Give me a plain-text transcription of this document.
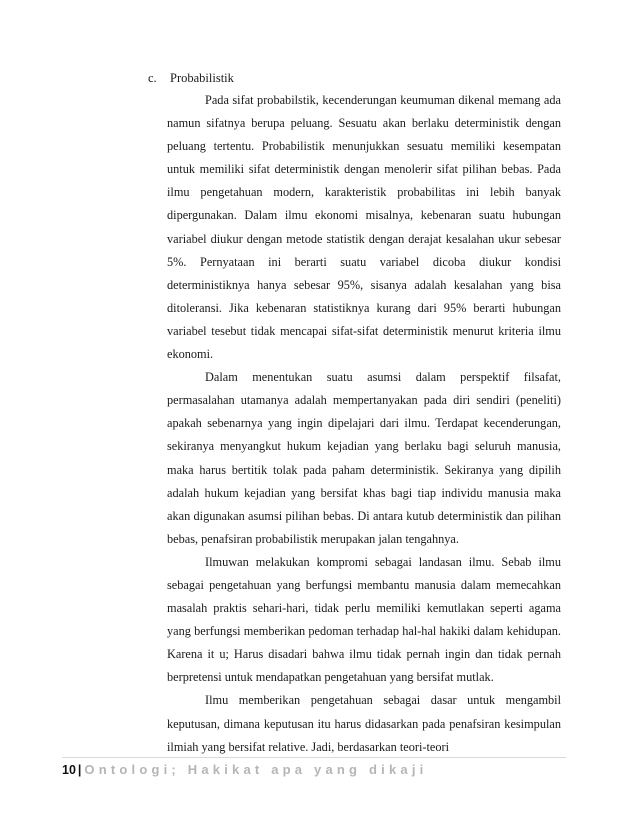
c. Probabilistik

Pada sifat probabilstik, kecenderungan keumuman dikenal memang ada namun sifatnya berupa peluang. Sesuatu akan berlaku deterministik dengan peluang tertentu. Probabilistik menunjukkan sesuatu memiliki kesempatan untuk memiliki sifat deterministik dengan menolerir sifat pilihan bebas. Pada ilmu pengetahuan modern, karakteristik probabilitas ini lebih banyak dipergunakan. Dalam ilmu ekonomi misalnya, kebenaran suatu hubungan variabel diukur dengan metode statistik dengan derajat kesalahan ukur sebesar 5%. Pernyataan ini berarti suatu variabel dicoba diukur kondisi deterministiknya hanya sebesar 95%, sisanya adalah kesalahan yang bisa ditoleransi. Jika kebenaran statistiknya kurang dari 95% berarti hubungan variabel tesebut tidak mencapai sifat-sifat deterministik menurut kriteria ilmu ekonomi.

Dalam menentukan suatu asumsi dalam perspektif filsafat, permasalahan utamanya adalah mempertanyakan pada diri sendiri (peneliti) apakah sebenarnya yang ingin dipelajari dari ilmu. Terdapat kecenderungan, sekiranya menyangkut hukum kejadian yang berlaku bagi seluruh manusia, maka harus bertitik tolak pada paham deterministik. Sekiranya yang dipilih adalah hukum kejadian yang bersifat khas bagi tiap individu manusia maka akan digunakan asumsi pilihan bebas. Di antara kutub deterministik dan pilihan bebas, penafsiran probabilistik merupakan jalan tengahnya.

Ilmuwan melakukan kompromi sebagai landasan ilmu. Sebab ilmu sebagai pengetahuan yang berfungsi membantu manusia dalam memecahkan masalah praktis sehari-hari, tidak perlu memiliki kemutlakan seperti agama yang berfungsi memberikan pedoman terhadap hal-hal hakiki dalam kehidupan. Karena it u; Harus disadari bahwa ilmu tidak pernah ingin dan tidak pernah berpretensi untuk mendapatkan pengetahuan yang bersifat mutlak.

Ilmu memberikan pengetahuan sebagai dasar untuk mengambil keputusan, dimana keputusan itu harus didasarkan pada penafsiran kesimpulan ilmiah yang bersifat relative. Jadi, berdasarkan teori-teori

10 | Ontologi; Hakikat apa yang dikaji
